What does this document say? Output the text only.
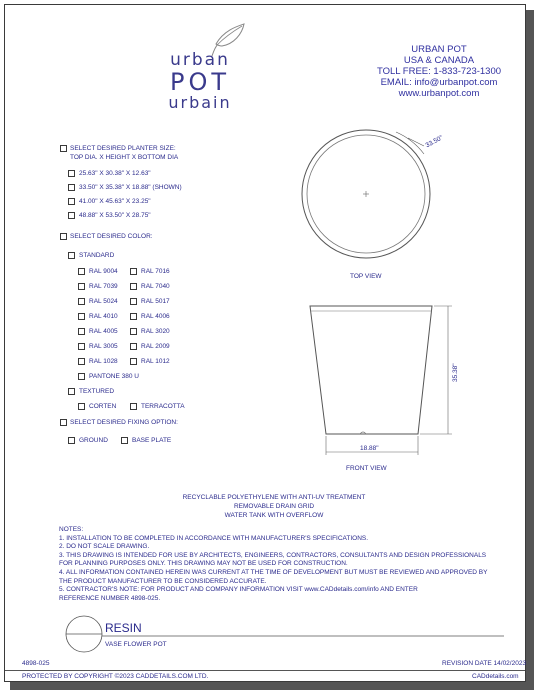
urban
POT
urbain
URBAN POT
USA & CANADA
TOLL FREE: 1-833-723-1300
EMAIL: info@urbanpot.com
www.urbanpot.com
SELECT DESIRED PLANTER SIZE:
TOP DIA. X HEIGHT X BOTTOM DIA
25.63" X 30.38" X 12.63"
33.50" X 35.38" X 18.88" (SHOWN)
41.00" X 45.63" X 23.25"
48.88" X 53.50" X 28.75"
SELECT DESIRED COLOR:
STANDARD
RAL 9004	RAL 7016
RAL 7039	RAL 7040
RAL 5024	RAL 5017
RAL 4010	RAL 4006
RAL 4005	RAL 3020
RAL 3005	RAL 2009
RAL 1028	RAL 1012
PANTONE 380 U
TEXTURED
CORTEN	TERRACOTTA
SELECT DESIRED FIXING OPTION:
GROUND	BASE PLATE
33.50"
TOP VIEW
35.38"
18.88"
FRONT VIEW
RECYCLABLE POLYETHYLENE WITH ANTI-UV TREATMENT
REMOVABLE DRAIN GRID
WATER TANK WITH OVERFLOW
NOTES:
1. INSTALLATION TO BE COMPLETED IN ACCORDANCE WITH MANUFACTURER'S SPECIFICATIONS.
2. DO NOT SCALE DRAWING.
3. THIS DRAWING IS INTENDED FOR USE BY ARCHITECTS, ENGINEERS, CONTRACTORS, CONSULTANTS AND DESIGN PROFESSIONALS
FOR PLANNING PURPOSES ONLY. THIS DRAWING MAY NOT BE USED FOR CONSTRUCTION.
4. ALL INFORMATION CONTAINED HEREIN WAS CURRENT AT THE TIME OF DEVELOPMENT BUT MUST BE REVIEWED AND APPROVED BY
THE PRODUCT MANUFACTURER TO BE CONSIDERED ACCURATE.
5. CONTRACTOR'S NOTE: FOR PRODUCT AND COMPANY INFORMATION VISIT www.CADdetails.com/info AND ENTER
REFERENCE NUMBER 4898-025.
RESIN
VASE FLOWER POT
4898-025	REVISION DATE 14/02/2023
PROTECTED BY COPYRIGHT ©2023 CADDETAILS.COM LTD.	CADdetails.com
